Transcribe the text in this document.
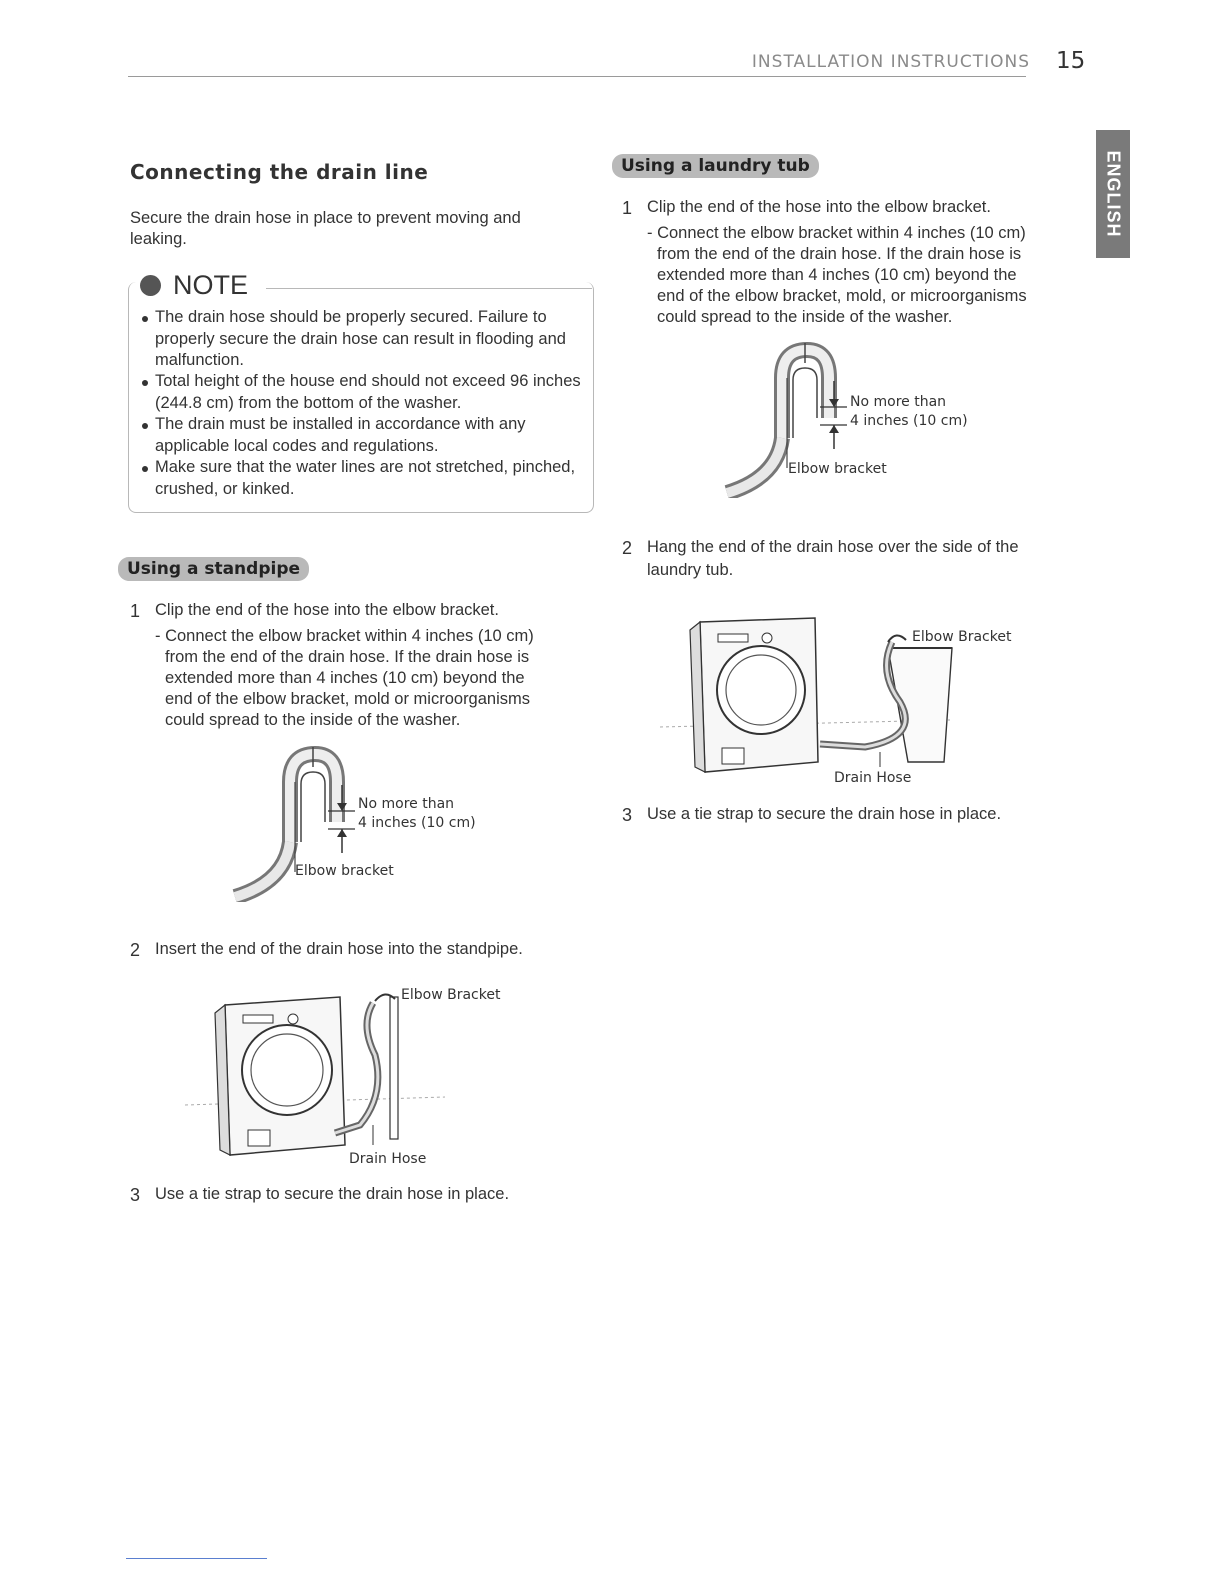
INSTALLATION INSTRUCTIONS 15
ENGLISH
Connecting the drain line
Secure the drain hose in place to prevent moving and
leaking.
NOTE
The drain hose should be properly secured. Failure to properly secure the drain hose can result in flooding and malfunction.
Total height of the house end should not exceed 96 inches (244.8 cm) from the bottom of the washer.
The drain must be installed in accordance with any applicable local codes and regulations.
Make sure that the water lines are not stretched, pinched, crushed, or kinked.
Using a standpipe
1 Clip the end of the hose into the elbow bracket.
- Connect the elbow bracket within 4 inches (10 cm)
from the end of the drain hose. If the drain hose is
extended more than 4 inches (10 cm) beyond the
end of the elbow bracket, mold or microorganisms
could spread to the inside of the washer.
No more than
4 inches (10 cm)
Elbow bracket
2 Insert the end of the drain hose into the standpipe.
Elbow Bracket
Drain Hose
3 Use a tie strap to secure the drain hose in place.
Using a laundry tub
1 Clip the end of the hose into the elbow bracket.
- Connect the elbow bracket within 4 inches (10 cm)
from the end of the drain hose. If the drain hose is
extended more than 4 inches (10 cm) beyond the
end of the elbow bracket, mold, or microorganisms
could spread to the inside of the washer.
No more than
4 inches (10 cm)
Elbow bracket
2 Hang the end of the drain hose over the side of the
laundry tub.
Elbow Bracket
Drain Hose
3 Use a tie strap to secure the drain hose in place.
